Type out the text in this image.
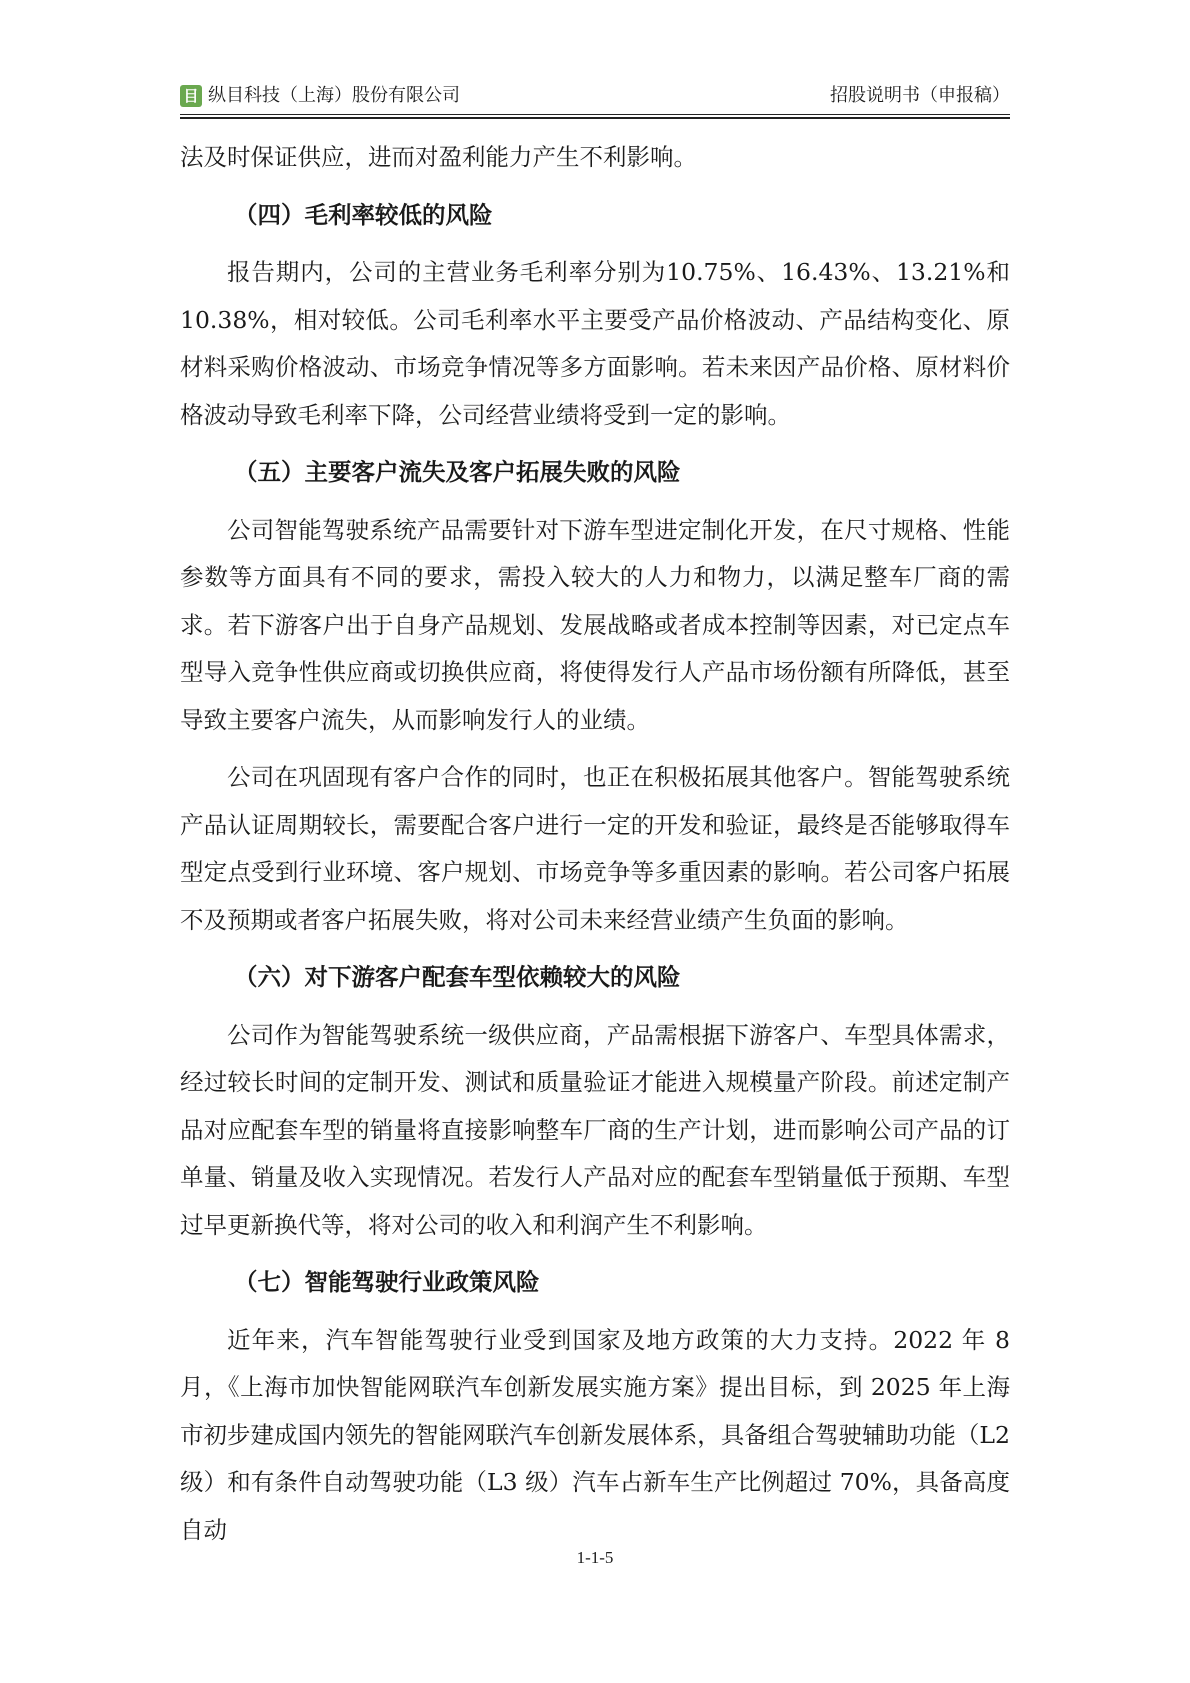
目 纵目科技（上海）股份有限公司	招股说明书（申报稿）

法及时保证供应，进而对盈利能力产生不利影响。

（四）毛利率较低的风险

报告期内，公司的主营业务毛利率分别为10.75%、16.43%、13.21%和10.38%，相对较低。公司毛利率水平主要受产品价格波动、产品结构变化、原材料采购价格波动、市场竞争情况等多方面影响。若未来因产品价格、原材料价格波动导致毛利率下降，公司经营业绩将受到一定的影响。

（五）主要客户流失及客户拓展失败的风险

公司智能驾驶系统产品需要针对下游车型进定制化开发，在尺寸规格、性能参数等方面具有不同的要求，需投入较大的人力和物力，以满足整车厂商的需求。若下游客户出于自身产品规划、发展战略或者成本控制等因素，对已定点车型导入竞争性供应商或切换供应商，将使得发行人产品市场份额有所降低，甚至导致主要客户流失，从而影响发行人的业绩。

公司在巩固现有客户合作的同时，也正在积极拓展其他客户。智能驾驶系统产品认证周期较长，需要配合客户进行一定的开发和验证，最终是否能够取得车型定点受到行业环境、客户规划、市场竞争等多重因素的影响。若公司客户拓展不及预期或者客户拓展失败，将对公司未来经营业绩产生负面的影响。

（六）对下游客户配套车型依赖较大的风险

公司作为智能驾驶系统一级供应商，产品需根据下游客户、车型具体需求，经过较长时间的定制开发、测试和质量验证才能进入规模量产阶段。前述定制产品对应配套车型的销量将直接影响整车厂商的生产计划，进而影响公司产品的订单量、销量及收入实现情况。若发行人产品对应的配套车型销量低于预期、车型过早更新换代等，将对公司的收入和利润产生不利影响。

（七）智能驾驶行业政策风险

近年来，汽车智能驾驶行业受到国家及地方政策的大力支持。2022 年 8 月，《上海市加快智能网联汽车创新发展实施方案》提出目标，到 2025 年上海市初步建成国内领先的智能网联汽车创新发展体系，具备组合驾驶辅助功能（L2 级）和有条件自动驾驶功能（L3 级）汽车占新车生产比例超过 70%，具备高度自动

1-1-5
